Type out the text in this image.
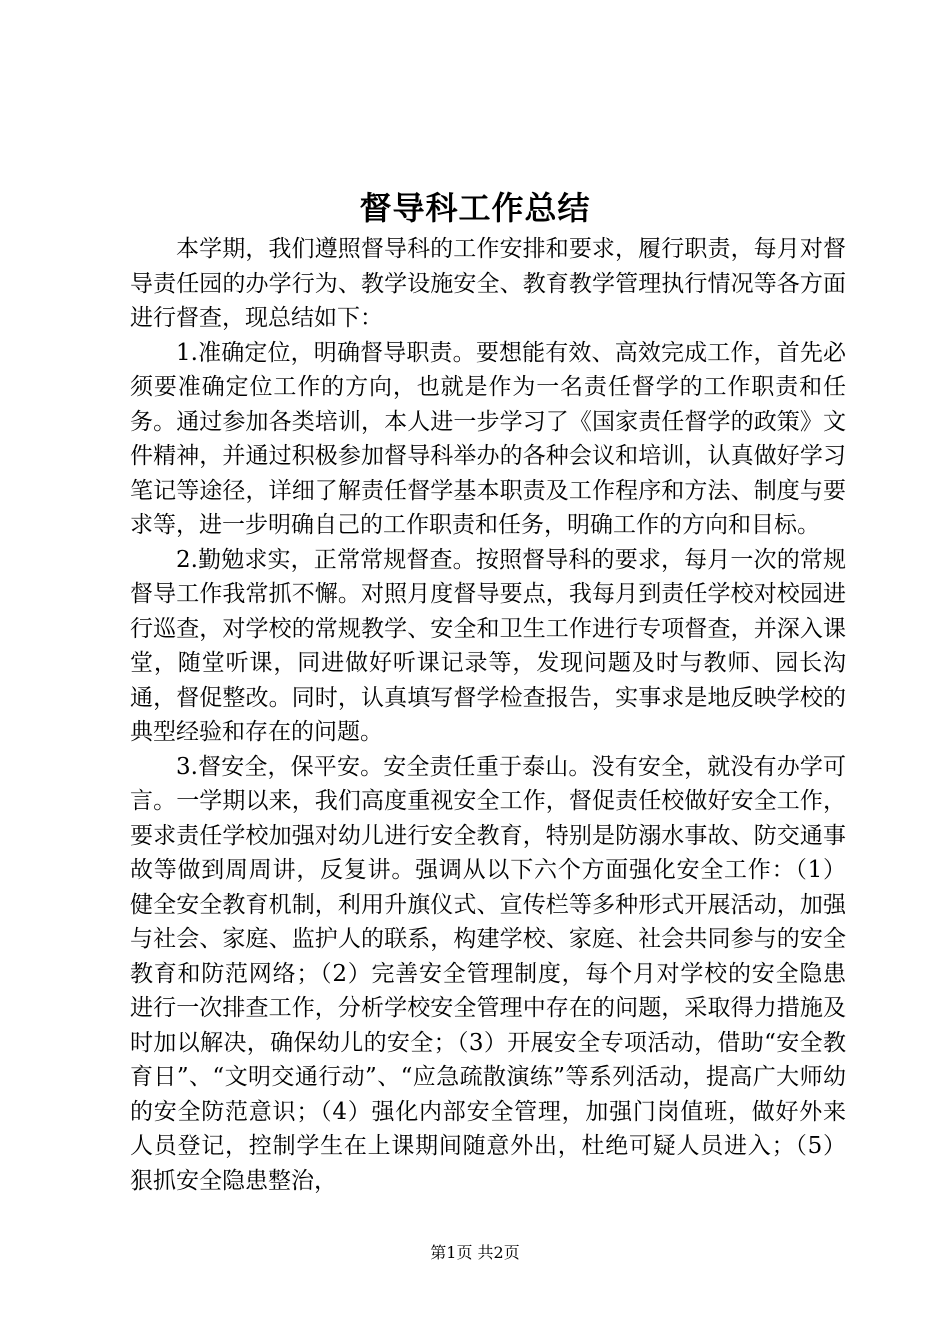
督导科工作总结

本学期，我们遵照督导科的工作安排和要求，履行职责，每月对督导责任园的办学行为、教学设施安全、教育教学管理执行情况等各方面进行督查，现总结如下：

1.准确定位，明确督导职责。要想能有效、高效完成工作，首先必须要准确定位工作的方向，也就是作为一名责任督学的工作职责和任务。通过参加各类培训，本人进一步学习了《国家责任督学的政策》文件精神，并通过积极参加督导科举办的各种会议和培训，认真做好学习笔记等途径，详细了解责任督学基本职责及工作程序和方法、制度与要求等，进一步明确自己的工作职责和任务，明确工作的方向和目标。

2.勤勉求实，正常常规督查。按照督导科的要求，每月一次的常规督导工作我常抓不懈。对照月度督导要点，我每月到责任学校对校园进行巡查，对学校的常规教学、安全和卫生工作进行专项督查，并深入课堂，随堂听课，同进做好听课记录等，发现问题及时与教师、园长沟通，督促整改。同时，认真填写督学检查报告，实事求是地反映学校的典型经验和存在的问题。

3.督安全，保平安。安全责任重于泰山。没有安全，就没有办学可言。一学期以来，我们高度重视安全工作，督促责任校做好安全工作，要求责任学校加强对幼儿进行安全教育，特别是防溺水事故、防交通事故等做到周周讲，反复讲。强调从以下六个方面强化安全工作：（1）健全安全教育机制，利用升旗仪式、宣传栏等多种形式开展活动，加强与社会、家庭、监护人的联系，构建学校、家庭、社会共同参与的安全教育和防范网络；（2）完善安全管理制度，每个月对学校的安全隐患进行一次排查工作，分析学校安全管理中存在的问题，采取得力措施及时加以解决，确保幼儿的安全；（3）开展安全专项活动，借助“安全教育日”、“文明交通行动”、“应急疏散演练”等系列活动，提高广大师幼的安全防范意识；（4）强化内部安全管理，加强门岗值班，做好外来人员登记，控制学生在上课期间随意外出，杜绝可疑人员进入；（5）狠抓安全隐患整治，

第1页 共2页
